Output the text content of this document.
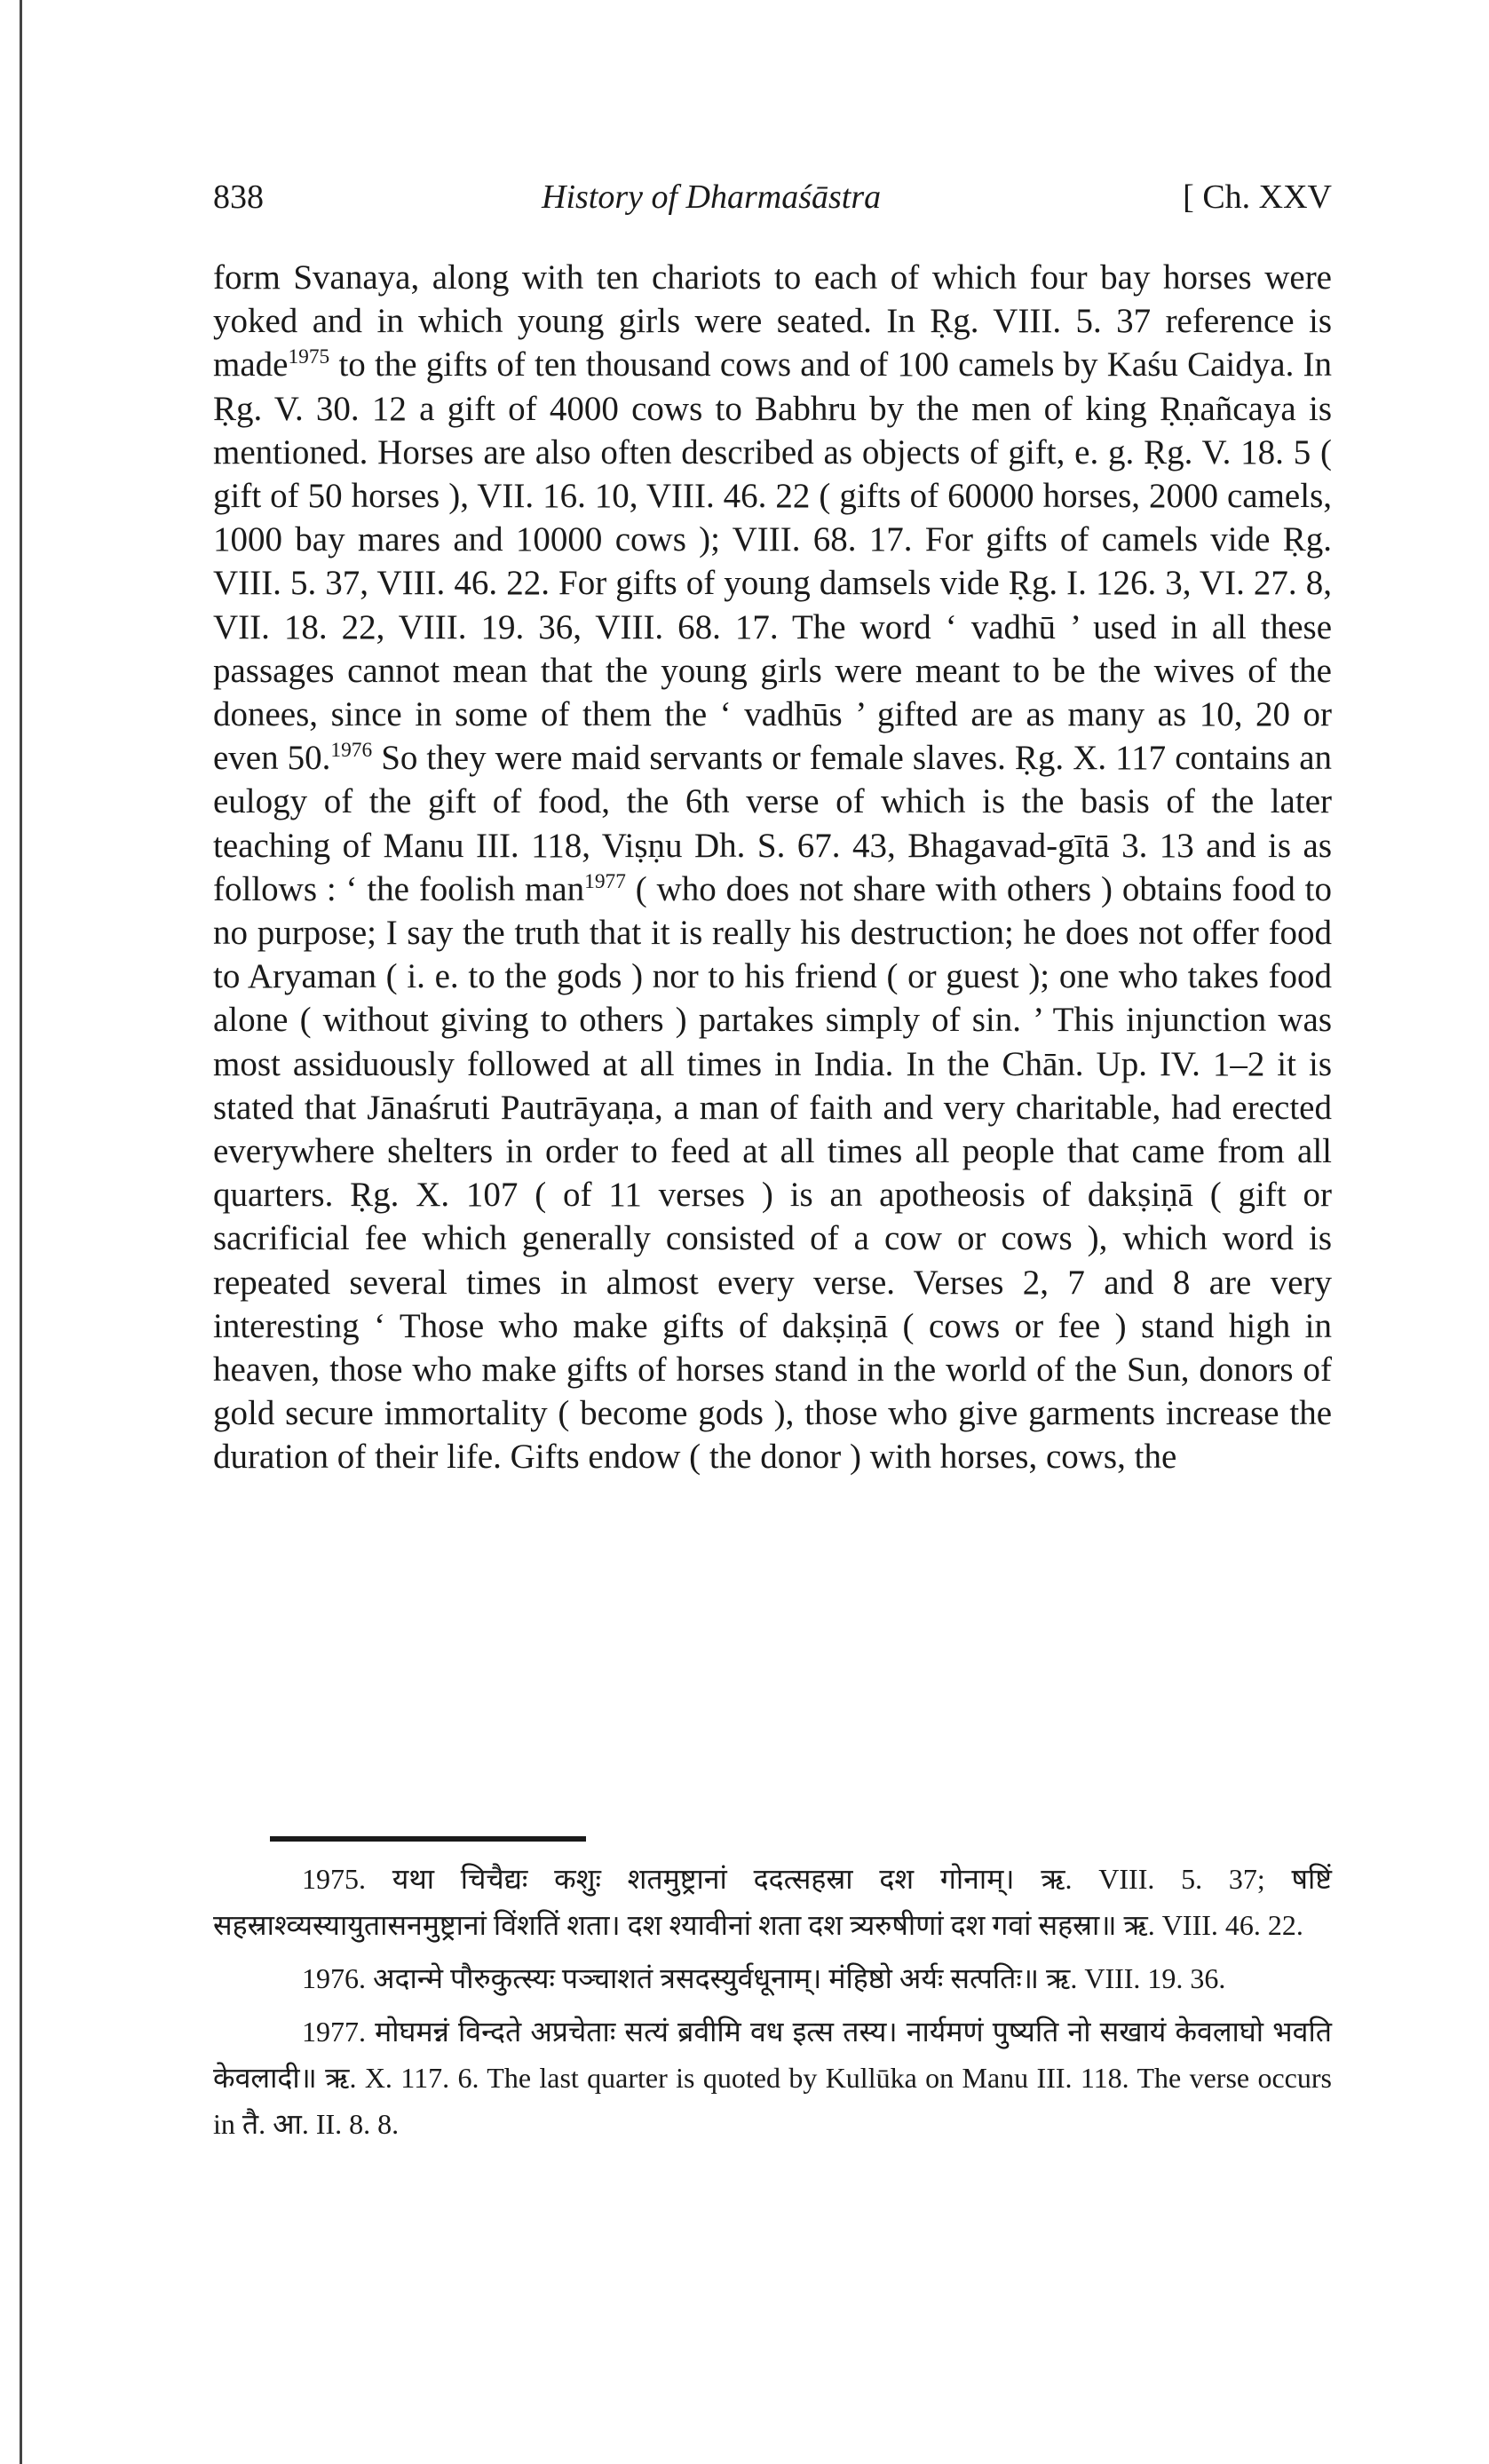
838	History of Dharmaśāstra	[ Ch. XXV

form Svanaya, along with ten chariots to each of which four bay horses were yoked and in which young girls were seated. In Ṛg. VIII. 5. 37 reference is made$^{1975}$ to the gifts of ten thousand cows and of 100 camels by Kaśu Caidya. In Ṛg. V. 30. 12 a gift of 4000 cows to Babhru by the men of king Ṛṇañcaya is mentioned. Horses are also often described as objects of gift, e. g. Ṛg. V. 18. 5 ( gift of 50 horses ), VII. 16. 10, VIII. 46. 22 ( gifts of 60000 horses, 2000 camels, 1000 bay mares and 10000 cows ); VIII. 68. 17. For gifts of camels vide Ṛg. VIII. 5. 37, VIII. 46. 22. For gifts of young damsels vide Ṛg. I. 126. 3, VI. 27. 8, VII. 18. 22, VIII. 19. 36, VIII. 68. 17. The word ‘ vadhū ’ used in all these passages cannot mean that the young girls were meant to be the wives of the donees, since in some of them the ‘ vadhūs ’ gifted are as many as 10, 20 or even 50.$^{1976}$ So they were maid servants or female slaves. Ṛg. X. 117 contains an eulogy of the gift of food, the 6th verse of which is the basis of the later teaching of Manu III. 118, Viṣṇu Dh. S. 67. 43, Bhagavad-gītā 3. 13 and is as follows : ‘ the foolish man$^{1977}$ ( who does not share with others ) obtains food to no purpose; I say the truth that it is really his destruction; he does not offer food to Aryaman ( i. e. to the gods ) nor to his friend ( or guest ); one who takes food alone ( without giving to others ) partakes simply of sin. ’ This injunction was most assiduously followed at all times in India. In the Chān. Up. IV. 1–2 it is stated that Jānaśruti Pautrāyaṇa, a man of faith and very charitable, had erected everywhere shelters in order to feed at all times all people that came from all quarters. Ṛg. X. 107 ( of 11 verses ) is an apotheosis of dakṣiṇā ( gift or sacrificial fee which generally consisted of a cow or cows ), which word is repeated several times in almost every verse. Verses 2, 7 and 8 are very interesting ‘ Those who make gifts of dakṣiṇā ( cows or fee ) stand high in heaven, those who make gifts of horses stand in the world of the Sun, donors of gold secure immortality ( become gods ), those who give garments increase the duration of their life. Gifts endow ( the donor ) with horses, cows, the

1975. यथा चिचैद्यः कशुः शतमुष्ट्रानां ददत्सहस्रा दश गोनाम्। ऋ. VIII. 5. 37; षष्टिं सहस्राश्व्यस्यायुतासनमुष्ट्रानां विंशतिं शता। दश श्यावीनां शता दश त्र्यरुषीणां दश गवां सहस्रा॥ ऋ. VIII. 46. 22.

1976. अदान्मे पौरुकुत्स्यः पञ्चाशतं त्रसदस्युर्वधूनाम्। मंहिष्ठो अर्यः सत्पतिः॥ ऋ. VIII. 19. 36.

1977. मोघमन्नं विन्दते अप्रचेताः सत्यं ब्रवीमि वध इत्स तस्य। नार्यमणं पुष्यति नो सखायं केवलाघो भवति केवलादी॥ ऋ. X. 117. 6. The last quarter is quoted by Kullūka on Manu III. 118. The verse occurs in तै. आ. II. 8. 8.
